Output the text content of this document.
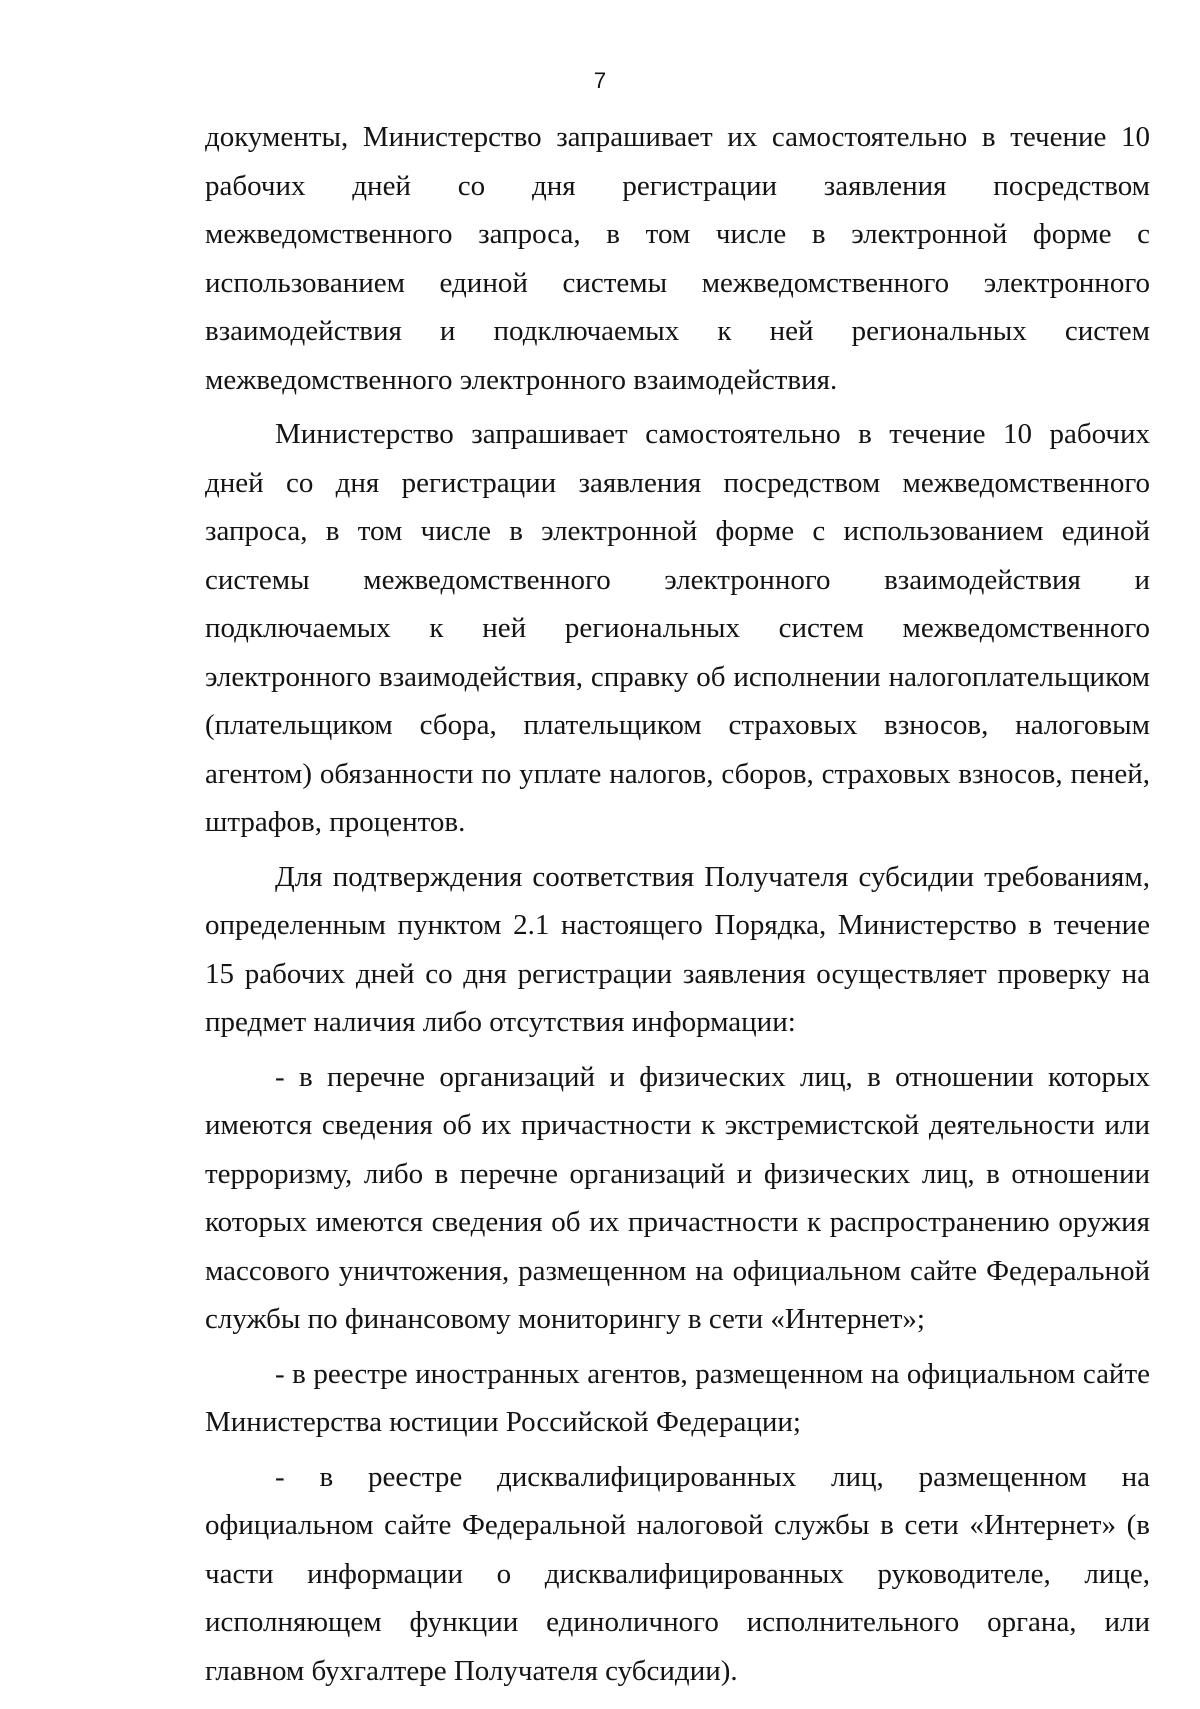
7

документы, Министерство запрашивает их самостоятельно в течение 10 рабочих дней со дня регистрации заявления посредством межведомственного запроса, в том числе в электронной форме с использованием единой системы межведомственного электронного взаимодействия и подключаемых к ней региональных систем межведомственного электронного взаимодействия.

Министерство запрашивает самостоятельно в течение 10 рабочих дней со дня регистрации заявления посредством межведомственного запроса, в том числе в электронной форме с использованием единой системы межведомственного электронного взаимодействия и подключаемых к ней региональных систем межведомственного электронного взаимодействия, справку об исполнении налогоплательщиком (плательщиком сбора, плательщиком страховых взносов, налоговым агентом) обязанности по уплате налогов, сборов, страховых взносов, пеней, штрафов, процентов.

Для подтверждения соответствия Получателя субсидии требованиям, определенным пунктом 2.1 настоящего Порядка, Министерство в течение 15 рабочих дней со дня регистрации заявления осуществляет проверку на предмет наличия либо отсутствия информации:

- в перечне организаций и физических лиц, в отношении которых имеются сведения об их причастности к экстремистской деятельности или терроризму, либо в перечне организаций и физических лиц, в отношении которых имеются сведения об их причастности к распространению оружия массового уничтожения, размещенном на официальном сайте Федеральной службы по финансовому мониторингу в сети «Интернет»;

- в реестре иностранных агентов, размещенном на официальном сайте Министерства юстиции Российской Федерации;

- в реестре дисквалифицированных лиц, размещенном на официальном сайте Федеральной налоговой службы в сети «Интернет» (в части информации о дисквалифицированных руководителе, лице, исполняющем функции единоличного исполнительного органа, или главном бухгалтере Получателя субсидии).
